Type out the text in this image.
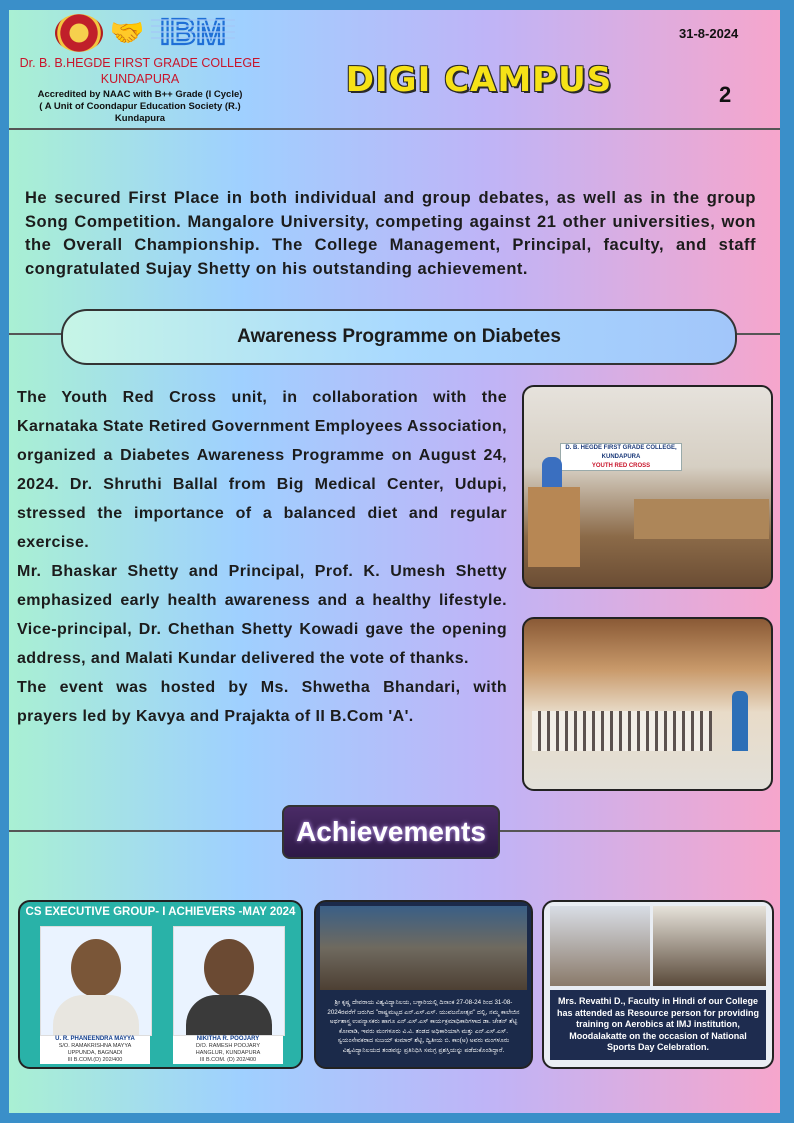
🤝 IBM
Dr. B. B.HEGDE FIRST GRADE COLLEGE
KUNDAPURA
Accredited by NAAC with B++ Grade (I Cycle)
( A Unit of Coondapur Education Society (R.)
Kundapura
DIGI CAMPUS
31-8-2024
2
He secured First Place in both individual and group debates, as well as in the group Song Competition. Mangalore University, competing against 21 other universities, won the Overall Championship. The College Management, Principal, faculty, and staff congratulated Sujay Shetty on his outstanding achievement.
Awareness Programme on Diabetes

The Youth Red Cross unit, in collaboration with the Karnataka State Retired Government Employees Association, organized a Diabetes Awareness Programme on August 24, 2024. Dr. Shruthi Ballal from Big Medical Center, Udupi, stressed the importance of a balanced diet and regular exercise.

Mr. Bhaskar Shetty and Principal, Prof. K. Umesh Shetty emphasized early health awareness and a healthy lifestyle. Vice-principal, Dr. Chethan Shetty Kowadi gave the opening address, and Malati Kundar delivered the vote of thanks.

The event was hosted by Ms. Shwetha Bhandari, with prayers led by Kavya and Prajakta of II B.Com 'A'.

D. B. HEGDE FIRST GRADE COLLEGE, KUNDAPURA
YOUTH RED CROSS
Achievements
CS EXECUTIVE GROUP- I ACHIEVERS -MAY 2024
U. R. PHANEENDRA MAYYA
S/O. RAMAKRISHNA MAYYA
UPPUNDA, BAGNADI
III B.COM.(D) 202/400
NIKITHA R. POOJARY
D/O. RAMESH POOJARY
HANGLUR, KUNDAPURA
III B.COM. (D) 202/400
ಶ್ರೀ ಕೃಷ್ಣ ದೇವರಾಯ ವಿಶ್ವವಿದ್ಯಾನಿಲಯ, ಬಳ್ಳಾರಿಯಲ್ಲಿ ದಿನಾಂಕ 27-08-24 ರಿಂದ 31-08-2024ರವರೆಗೆ ಜರುಗಿದ "ರಾಷ್ಟ್ರಮಟ್ಟದ ಎನ್.ಎಸ್.ಎಸ್. ಯುವಜನೋತ್ಸವ" ದಲ್ಲಿ, ನಮ್ಮ ಕಾಲೇಜಿನ ಅರ್ಥಶಾಸ್ತ್ರ ಉಪನ್ಯಾಸಕರು ಹಾಗೂ ಎನ್.ಎಸ್.ಎಸ್ ಕಾರ್ಯಕ್ರಮಾಧಿಕಾರಿಗಳಾದ ಡಾ. ಚೇತನ್ ಶೆಟ್ಟಿ ಕೋವಾಡಿ, ಇವರು ಮಂಗಳೂರು ವಿ.ವಿ. ತಂಡದ ಅಧಿಕಾರಿಯಾಗಿ ಮತ್ತು ಎನ್.ಎಸ್.ಎಸ್. ಸ್ವಯಂಸೇವಕರಾದ ಸುಜಯ್ ಕುಮಾರ್ ಶೆಟ್ಟಿ, ದ್ವಿತೀಯ ಬಿ. ಕಾಂ(ಅ) ಅವರು ಮಂಗಳೂರು ವಿಶ್ವವಿದ್ಯಾನಿಲಯದ ತಂಡವನ್ನು ಪ್ರತಿನಿಧಿಸಿ ಸಮಗ್ರ ಪ್ರಶಸ್ತಿಯನ್ನು ಪಡೆದುಕೊಂಡಿದ್ದಾರೆ.
Mrs. Revathi D., Faculty in Hindi of our College has attended as Resource person for providing training on Aerobics at IMJ institution, Moodalakatte on the occasion of National Sports Day Celebration.
